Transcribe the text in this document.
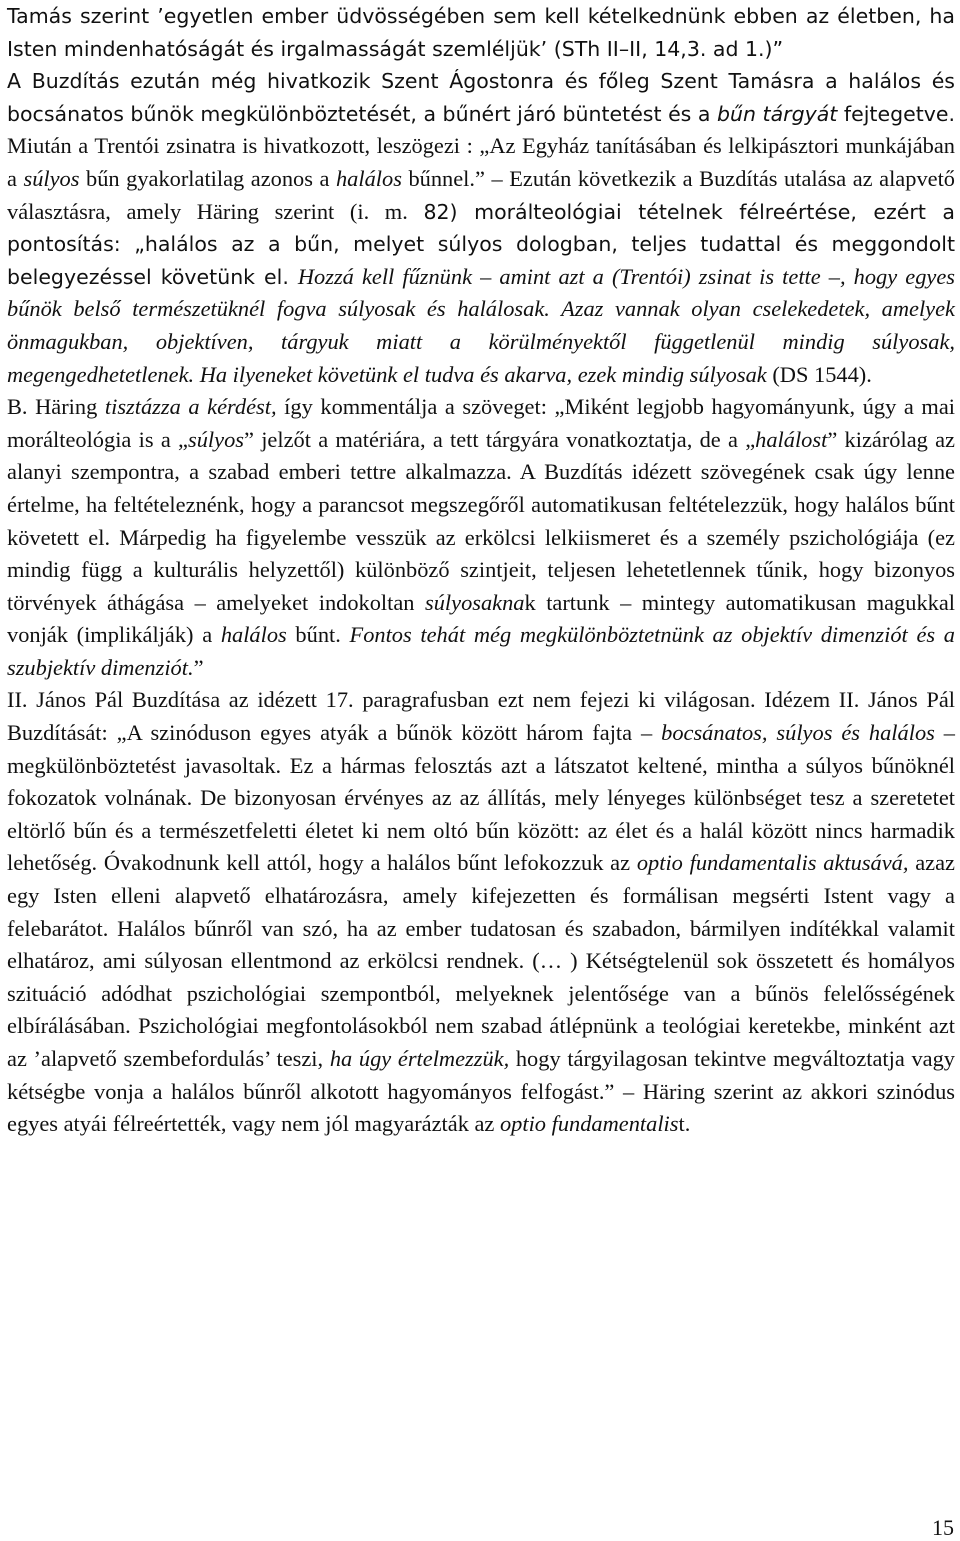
Tamás szerint ’egyetlen ember üdvösségében sem kell kételkednünk ebben az életben, ha Isten mindenhatóságát és irgalmasságát szemléljük’ (STh II–II, 14,3. ad 1.)”

A Buzdítás ezután még hivatkozik Szent Ágostonra és főleg Szent Tamásra a halálos és bocsánatos bűnök megkülönböztetését, a bűnért járó büntetést és a bűn tárgyát fejtegetve. Miután a Trentói zsinatra is hivatkozott, leszögezi : „Az Egyház tanításában és lelkipásztori munkájában a súlyos bűn gyakorlatilag azonos a halálos bűnnel.” – Ezután következik a Buzdítás utalása az alapvető választásra, amely Häring szerint (i. m. 82) morálteológiai tételnek félreértése, ezért a pontosítás: „halálos az a bűn, melyet súlyos dologban, teljes tudattal és meggondolt belegyezéssel követünk el. Hozzá kell fűznünk – amint azt a (Trentói) zsinat is tette –, hogy egyes bűnök belső természetüknél fogva súlyosak és halálosak. Azaz vannak olyan cselekedetek, amelyek önmagukban, objektíven, tárgyuk miatt a körülményektől függetlenül mindig súlyosak, megengedhetetlenek. Ha ilyeneket követünk el tudva és akarva, ezek mindig súlyosak (DS 1544).

B. Häring tisztázza a kérdést, így kommentálja a szöveget: „Miként legjobb hagyományunk, úgy a mai morálteológia is a „súlyos” jelzőt a matériára, a tett tárgyára vonatkoztatja, de a „halálost” kizárólag az alanyi szempontra, a szabad emberi tettre alkalmazza. A Buzdítás idézett szövegének csak úgy lenne értelme, ha feltételeznénk, hogy a parancsot megszegőről automatikusan feltételezzük, hogy halálos bűnt követett el. Márpedig ha figyelembe vesszük az erkölcsi lelkiismeret és a személy pszichológiája (ez mindig függ a kulturális helyzettől) különböző szintjeit, teljesen lehetetlennek tűnik, hogy bizonyos törvények áthágása – amelyeket indokoltan súlyosaknak tartunk – mintegy automatikusan magukkal vonják (implikálják) a halálos bűnt. Fontos tehát még megkülönböztetnünk az objektív dimenziót és a szubjektív dimenziót.”

II. János Pál Buzdítása az idézett 17. paragrafusban ezt nem fejezi ki világosan. Idézem II. János Pál Buzdítását: „A szinóduson egyes atyák a bűnök között három fajta – bocsánatos, súlyos és halálos – megkülönböztetést javasoltak. Ez a hármas felosztás azt a látszatot keltené, mintha a súlyos bűnöknél fokozatok volnának. De bizonyosan érvényes az az állítás, mely lényeges különbséget tesz a szeretetet eltörlő bűn és a természetfeletti életet ki nem oltó bűn között: az élet és a halál között nincs harmadik lehetőség. Óvakodnunk kell attól, hogy a halálos bűnt lefokozzuk az optio fundamentalis aktusává, azaz egy Isten elleni alapvető elhatározásra, amely kifejezetten és formálisan megsérti Istent vagy a felebarátot. Halálos bűnről van szó, ha az ember tudatosan és szabadon, bármilyen indítékkal valamit elhatároz, ami súlyosan ellentmond az erkölcsi rendnek. (… ) Kétségtelenül sok összetett és homályos szituáció adódhat pszichológiai szempontból, melyeknek jelentősége van a bűnös felelősségének elbírálásában. Pszichológiai megfontolásokból nem szabad átlépnünk a teológiai keretekbe, minként azt az ’alapvető szembefordulás’ teszi, ha úgy értelmezzük, hogy tárgyilagosan tekintve megváltoztatja vagy kétségbe vonja a halálos bűnről alkotott hagyományos felfogást.” – Häring szerint az akkori szinódus egyes atyái félreértették, vagy nem jól magyarázták az optio fundamentalist.

15
